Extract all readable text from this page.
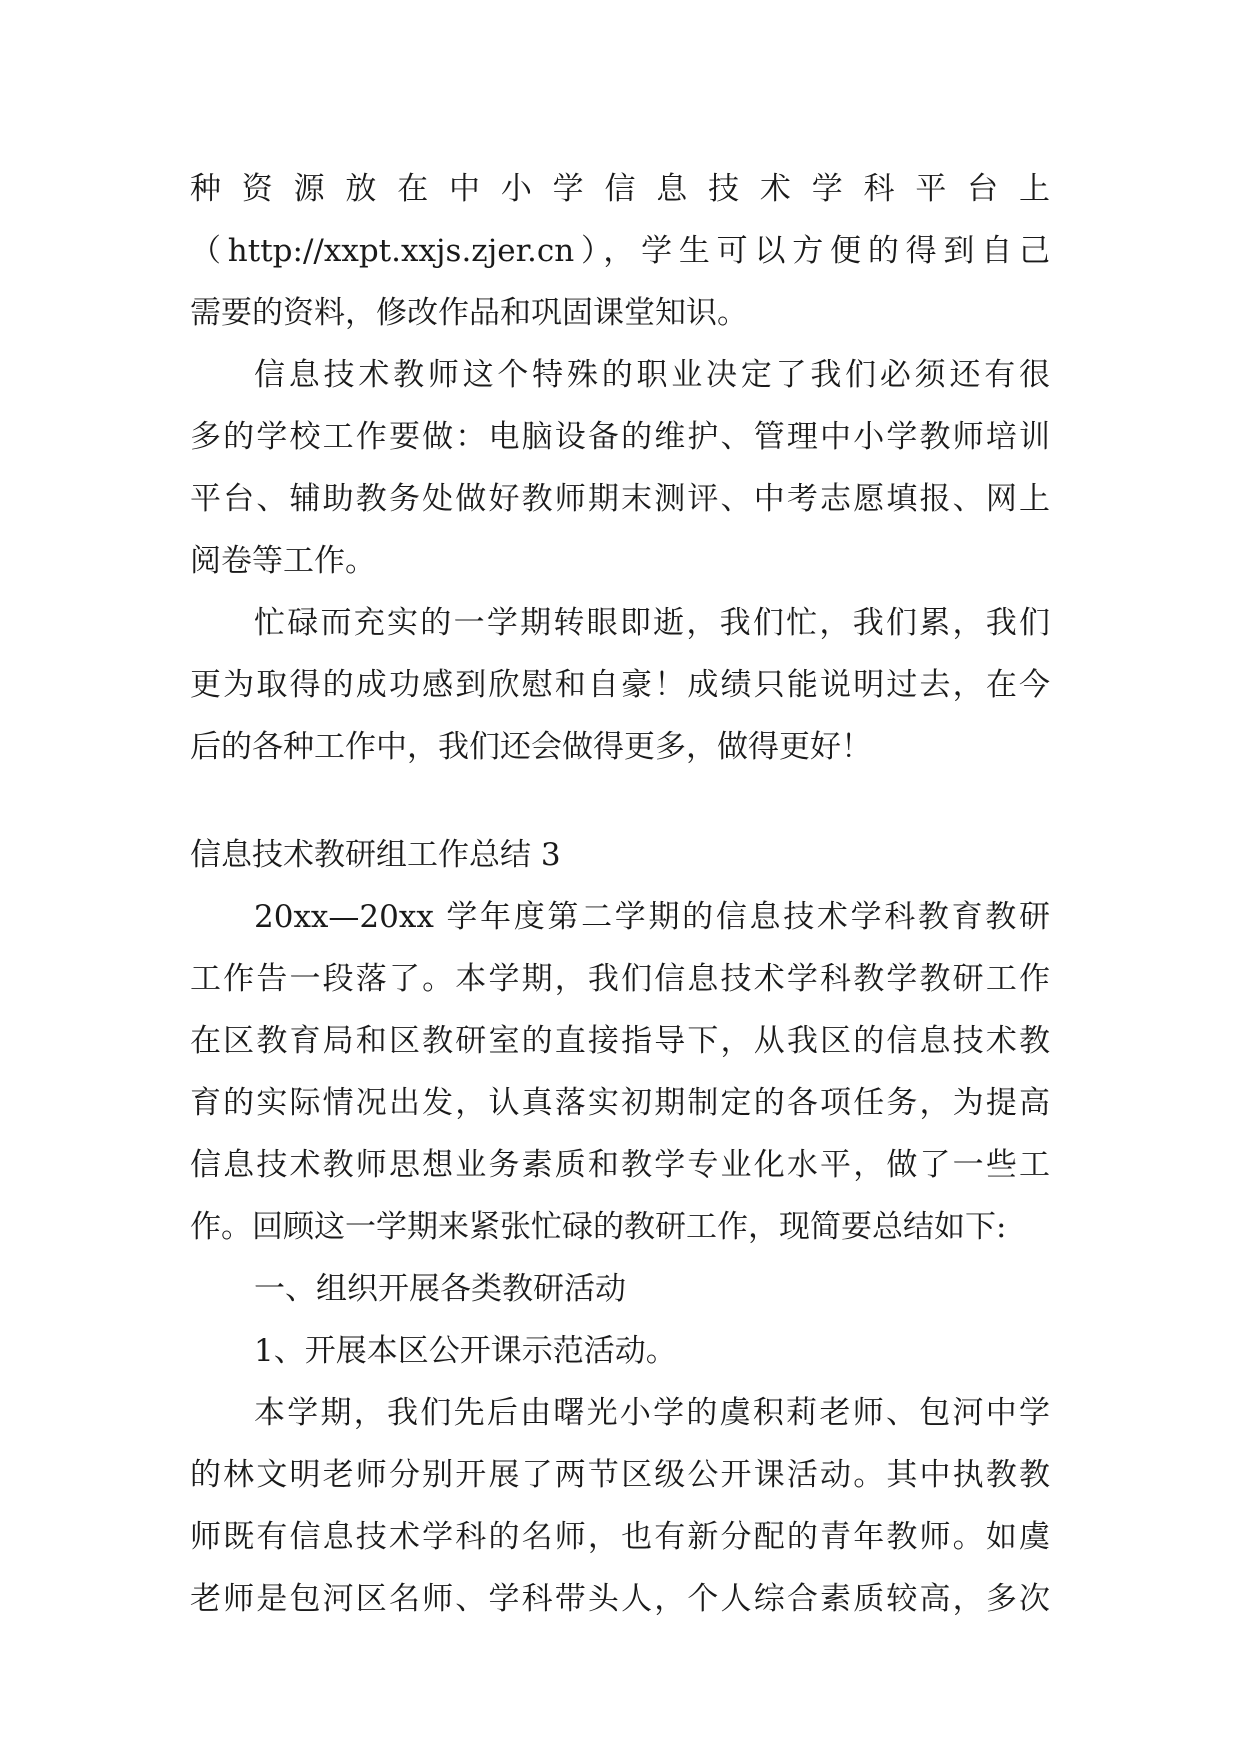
种资源放在中小学信息技术学科平台上
（http://xxpt.xxjs.zjer.cn），学生可以方便的得到自己
需要的资料，修改作品和巩固课堂知识。
信息技术教师这个特殊的职业决定了我们必须还有很
多的学校工作要做：电脑设备的维护、管理中小学教师培训
平台、辅助教务处做好教师期末测评、中考志愿填报、网上
阅卷等工作。
忙碌而充实的一学期转眼即逝，我们忙，我们累，我们
更为取得的成功感到欣慰和自豪！成绩只能说明过去，在今
后的各种工作中，我们还会做得更多，做得更好！
信息技术教研组工作总结 3
20xx—20xx 学年度第二学期的信息技术学科教育教研
工作告一段落了。本学期，我们信息技术学科教学教研工作
在区教育局和区教研室的直接指导下，从我区的信息技术教
育的实际情况出发，认真落实初期制定的各项任务，为提高
信息技术教师思想业务素质和教学专业化水平，做了一些工
作。回顾这一学期来紧张忙碌的教研工作，现简要总结如下:
一、组织开展各类教研活动
1、开展本区公开课示范活动。
本学期，我们先后由曙光小学的虞积莉老师、包河中学
的林文明老师分别开展了两节区级公开课活动。其中执教教
师既有信息技术学科的名师，也有新分配的青年教师。如虞
老师是包河区名师、学科带头人，个人综合素质较高，多次
